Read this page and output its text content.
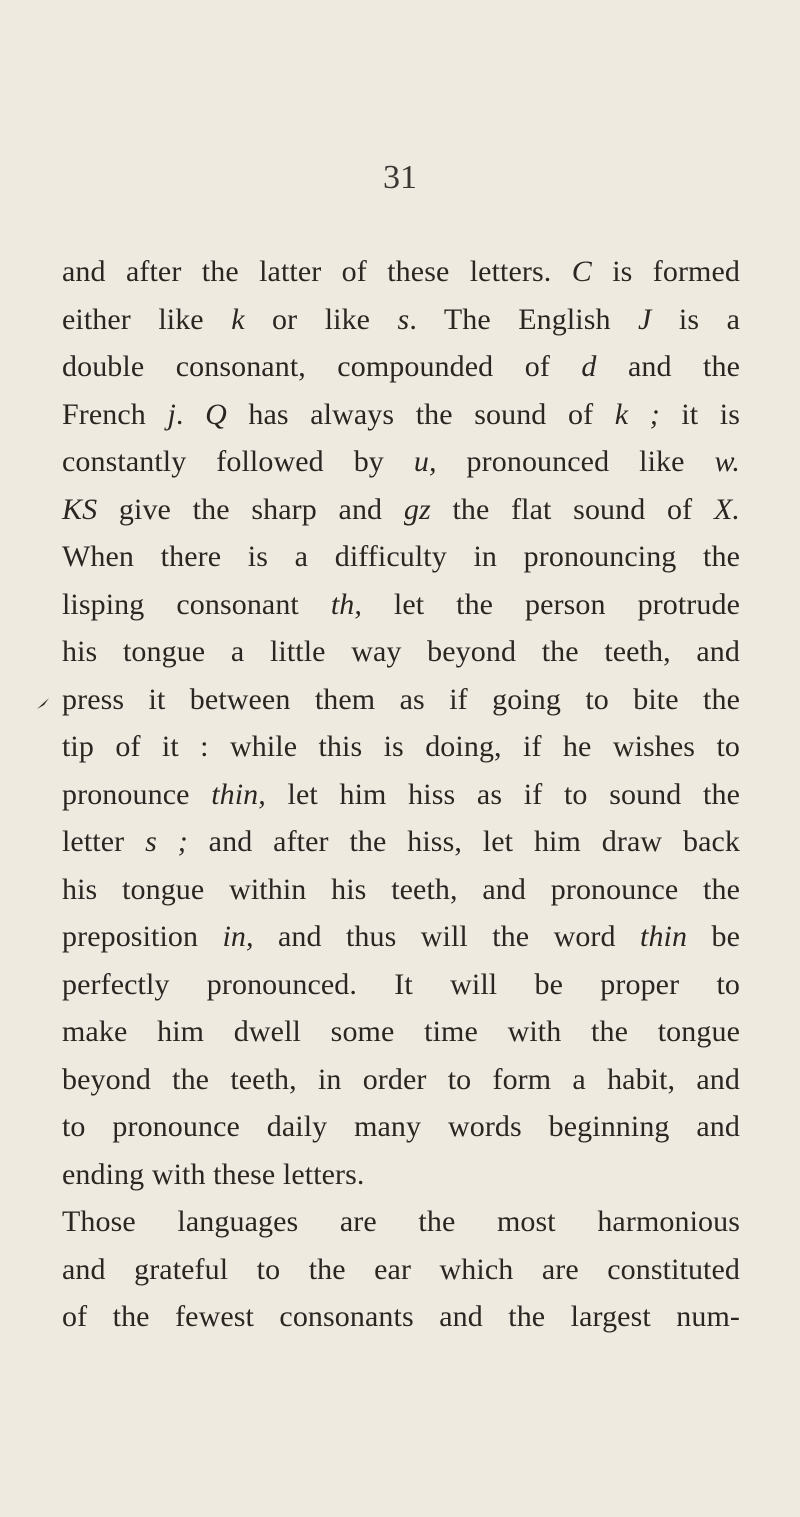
31
and after the latter of these letters. C is formed
either like k or like s. The English J is a
double consonant, compounded of d and the
French j. Q has always the sound of k ; it is
constantly followed by u, pronounced like w.
KS give the sharp and gz the flat sound of X.
When there is a difficulty in pronouncing the
lisping consonant th, let the person protrude
his tongue a little way beyond the teeth, and
press it between them as if going to bite the
tip of it : while this is doing, if he wishes to
pronounce thin, let him hiss as if to sound the
letter s ; and after the hiss, let him draw back
his tongue within his teeth, and pronounce the
preposition in, and thus will the word thin be
perfectly pronounced. It will be proper to
make him dwell some time with the tongue
beyond the teeth, in order to form a habit, and
to pronounce daily many words beginning and
ending with these letters.
Those languages are the most harmonious
and grateful to the ear which are constituted
of the fewest consonants and the largest num-
